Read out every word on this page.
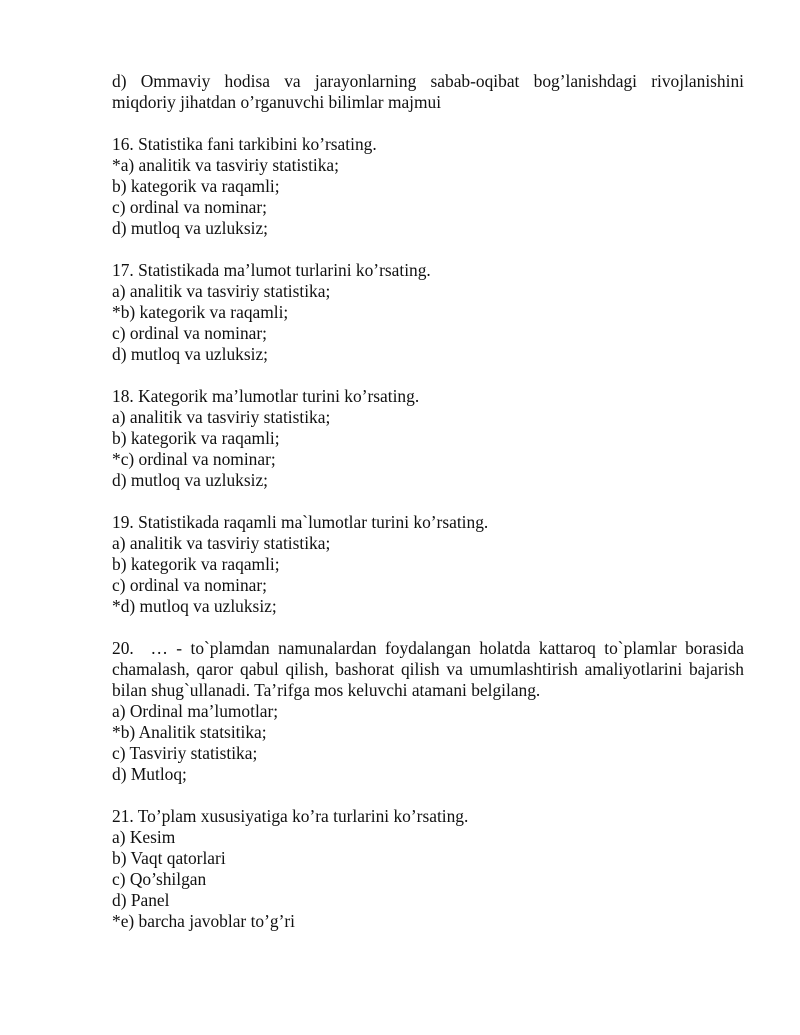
d) Ommaviy hodisa va jarayonlarning sabab-oqibat bog’lanishdagi rivojlanishini
miqdoriy jihatdan o’rganuvchi bilimlar majmui

16. Statistika fani tarkibini ko’rsating.
*a) analitik va tasviriy statistika;
b) kategorik va raqamli;
c) ordinal va nominar;
d) mutloq va uzluksiz;
17. Statistikada ma’lumot turlarini ko’rsating.
a) analitik va tasviriy statistika;
*b) kategorik va raqamli;
c) ordinal va nominar;
d) mutloq va uzluksiz;
18. Kategorik ma’lumotlar turini ko’rsating.
a) analitik va tasviriy statistika;
b) kategorik va raqamli;
*c) ordinal va nominar;
d) mutloq va uzluksiz;
19. Statistikada raqamli ma`lumotlar turini ko’rsating.
a) analitik va tasviriy statistika;
b) kategorik va raqamli;
c) ordinal va nominar;
*d) mutloq va uzluksiz;
20.  … - to`plamdan namunalardan foydalangan holatda kattaroq to`plamlar borasida
chamalash, qaror qabul qilish, bashorat qilish va umumlashtirish amaliyotlarini bajarish
bilan shug`ullanadi. Ta’rifga mos keluvchi atamani belgilang.
a) Ordinal ma’lumotlar;
*b) Analitik statsitika;
c) Tasviriy statistika;
d) Mutloq;
21. To’plam xususiyatiga ko’ra turlarini ko’rsating.
a) Kesim
b) Vaqt qatorlari
c) Qo’shilgan
d) Panel
*e) barcha javoblar to’g’ri
